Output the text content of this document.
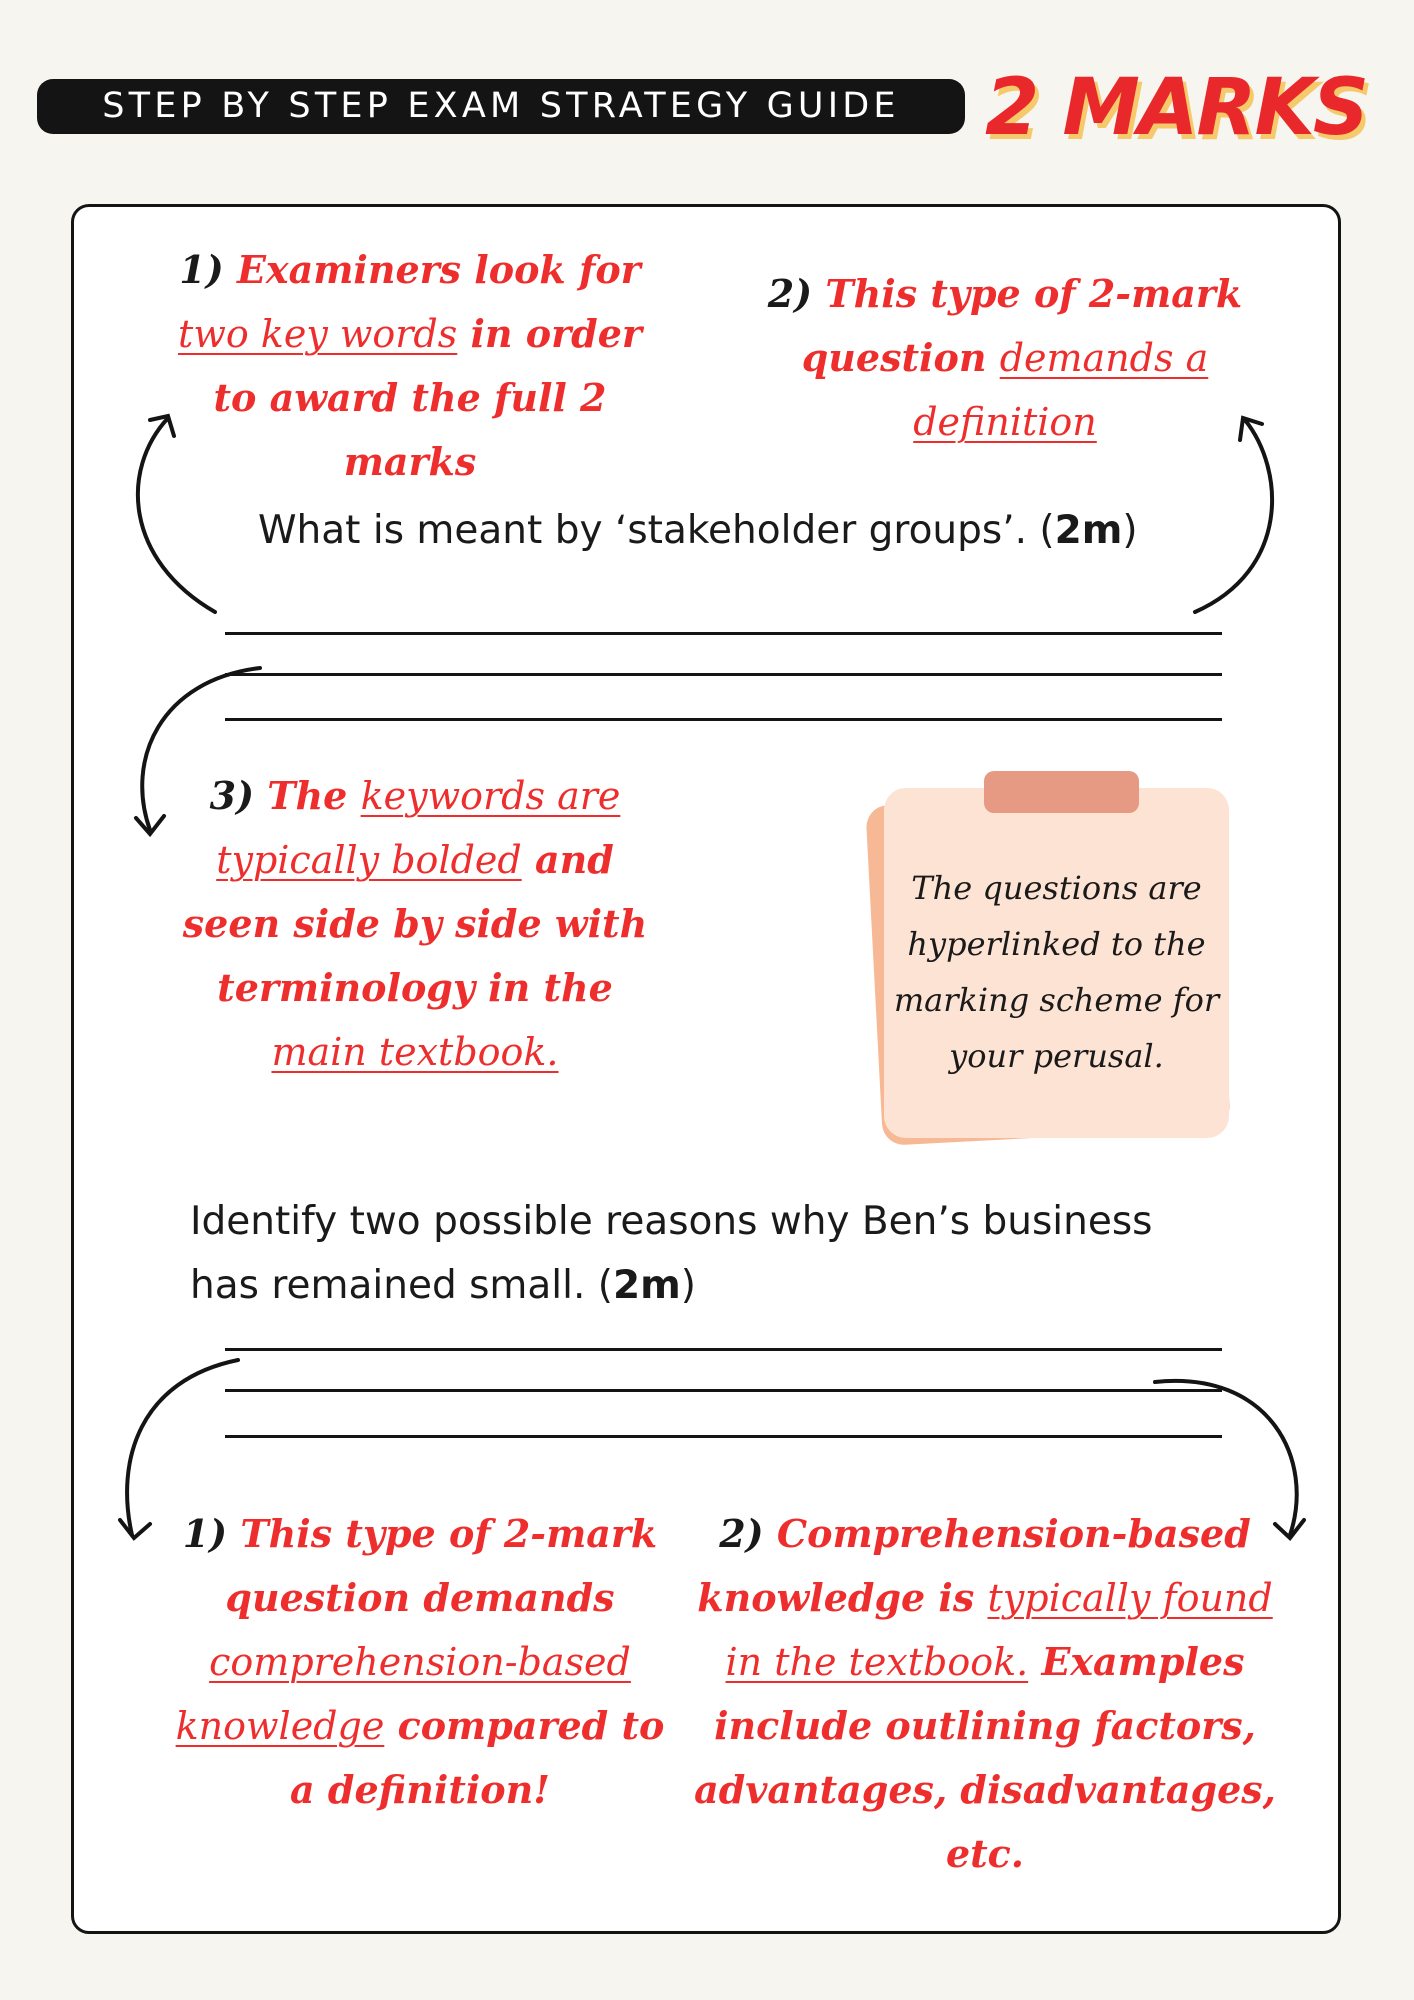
STEP BY STEP EXAM STRATEGY GUIDE	2 MARKS
1) Examiners look for two key words in order to award the full 2 marks
2) This type of 2-mark question demands a definition
What is meant by ‘stakeholder groups’. (2m)
3) The keywords are typically bolded and seen side by side with terminology in the main textbook.
The questions are hyperlinked to the marking scheme for your perusal.
Identify two possible reasons why Ben’s business
has remained small. (2m)
1) This type of 2-mark question demands comprehension-based knowledge compared to a definition!
2) Comprehension-based knowledge is typically found in the textbook. Examples include outlining factors, advantages, disadvantages, etc.
